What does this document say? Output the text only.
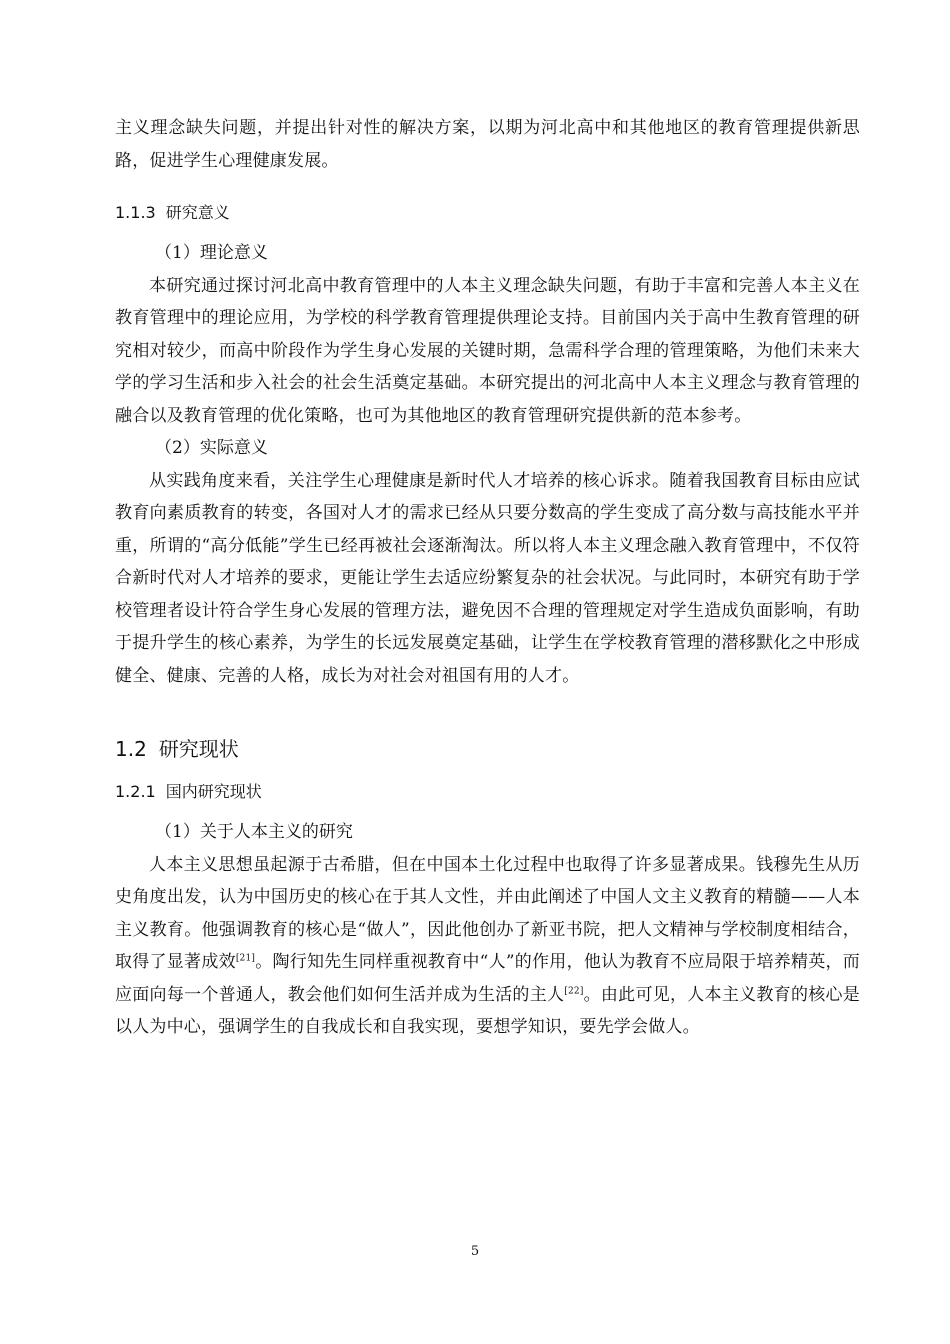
主义理念缺失问题，并提出针对性的解决方案，以期为河北高中和其他地区的教育管理提供新思路，促进学生心理健康发展。

1.1.3 研究意义

（1）理论意义

本研究通过探讨河北高中教育管理中的人本主义理念缺失问题，有助于丰富和完善人本主义在教育管理中的理论应用，为学校的科学教育管理提供理论支持。目前国内关于高中生教育管理的研究相对较少，而高中阶段作为学生身心发展的关键时期，急需科学合理的管理策略，为他们未来大学的学习生活和步入社会的社会生活奠定基础。本研究提出的河北高中人本主义理念与教育管理的融合以及教育管理的优化策略，也可为其他地区的教育管理研究提供新的范本参考。

（2）实际意义

从实践角度来看，关注学生心理健康是新时代人才培养的核心诉求。随着我国教育目标由应试教育向素质教育的转变，各国对人才的需求已经从只要分数高的学生变成了高分数与高技能水平并重，所谓的“高分低能”学生已经再被社会逐渐淘汰。所以将人本主义理念融入教育管理中，不仅符合新时代对人才培养的要求，更能让学生去适应纷繁复杂的社会状况。与此同时，本研究有助于学校管理者设计符合学生身心发展的管理方法，避免因不合理的管理规定对学生造成负面影响，有助于提升学生的核心素养，为学生的长远发展奠定基础，让学生在学校教育管理的潜移默化之中形成健全、健康、完善的人格，成长为对社会对祖国有用的人才。

1.2 研究现状
1.2.1 国内研究现状

（1）关于人本主义的研究

人本主义思想虽起源于古希腊，但在中国本土化过程中也取得了许多显著成果。钱穆先生从历史角度出发，认为中国历史的核心在于其人文性，并由此阐述了中国人文主义教育的精髓——人本主义教育。他强调教育的核心是“做人”，因此他创办了新亚书院，把人文精神与学校制度相结合，取得了显著成效[21]。陶行知先生同样重视教育中“人”的作用，他认为教育不应局限于培养精英，而应面向每一个普通人，教会他们如何生活并成为生活的主人[22]。由此可见，人本主义教育的核心是以人为中心，强调学生的自我成长和自我实现，要想学知识，要先学会做人。

5
